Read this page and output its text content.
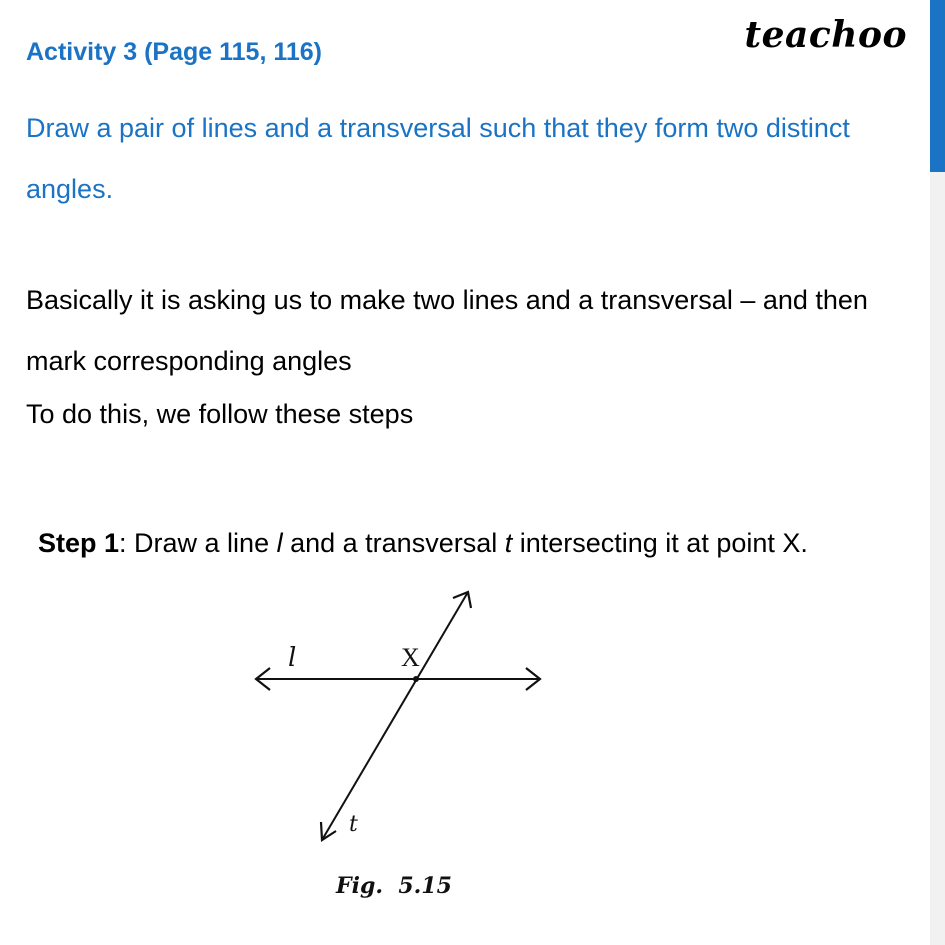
teachoo
Activity 3 (Page 115, 116)
Draw a pair of lines and a transversal such that they form two distinct angles.
Basically it is asking us to make two lines and a transversal – and then mark corresponding angles
To do this, we follow these steps
Step 1: Draw a line l and a transversal t intersecting it at point X.
l	X
t
Fig.  5.15
